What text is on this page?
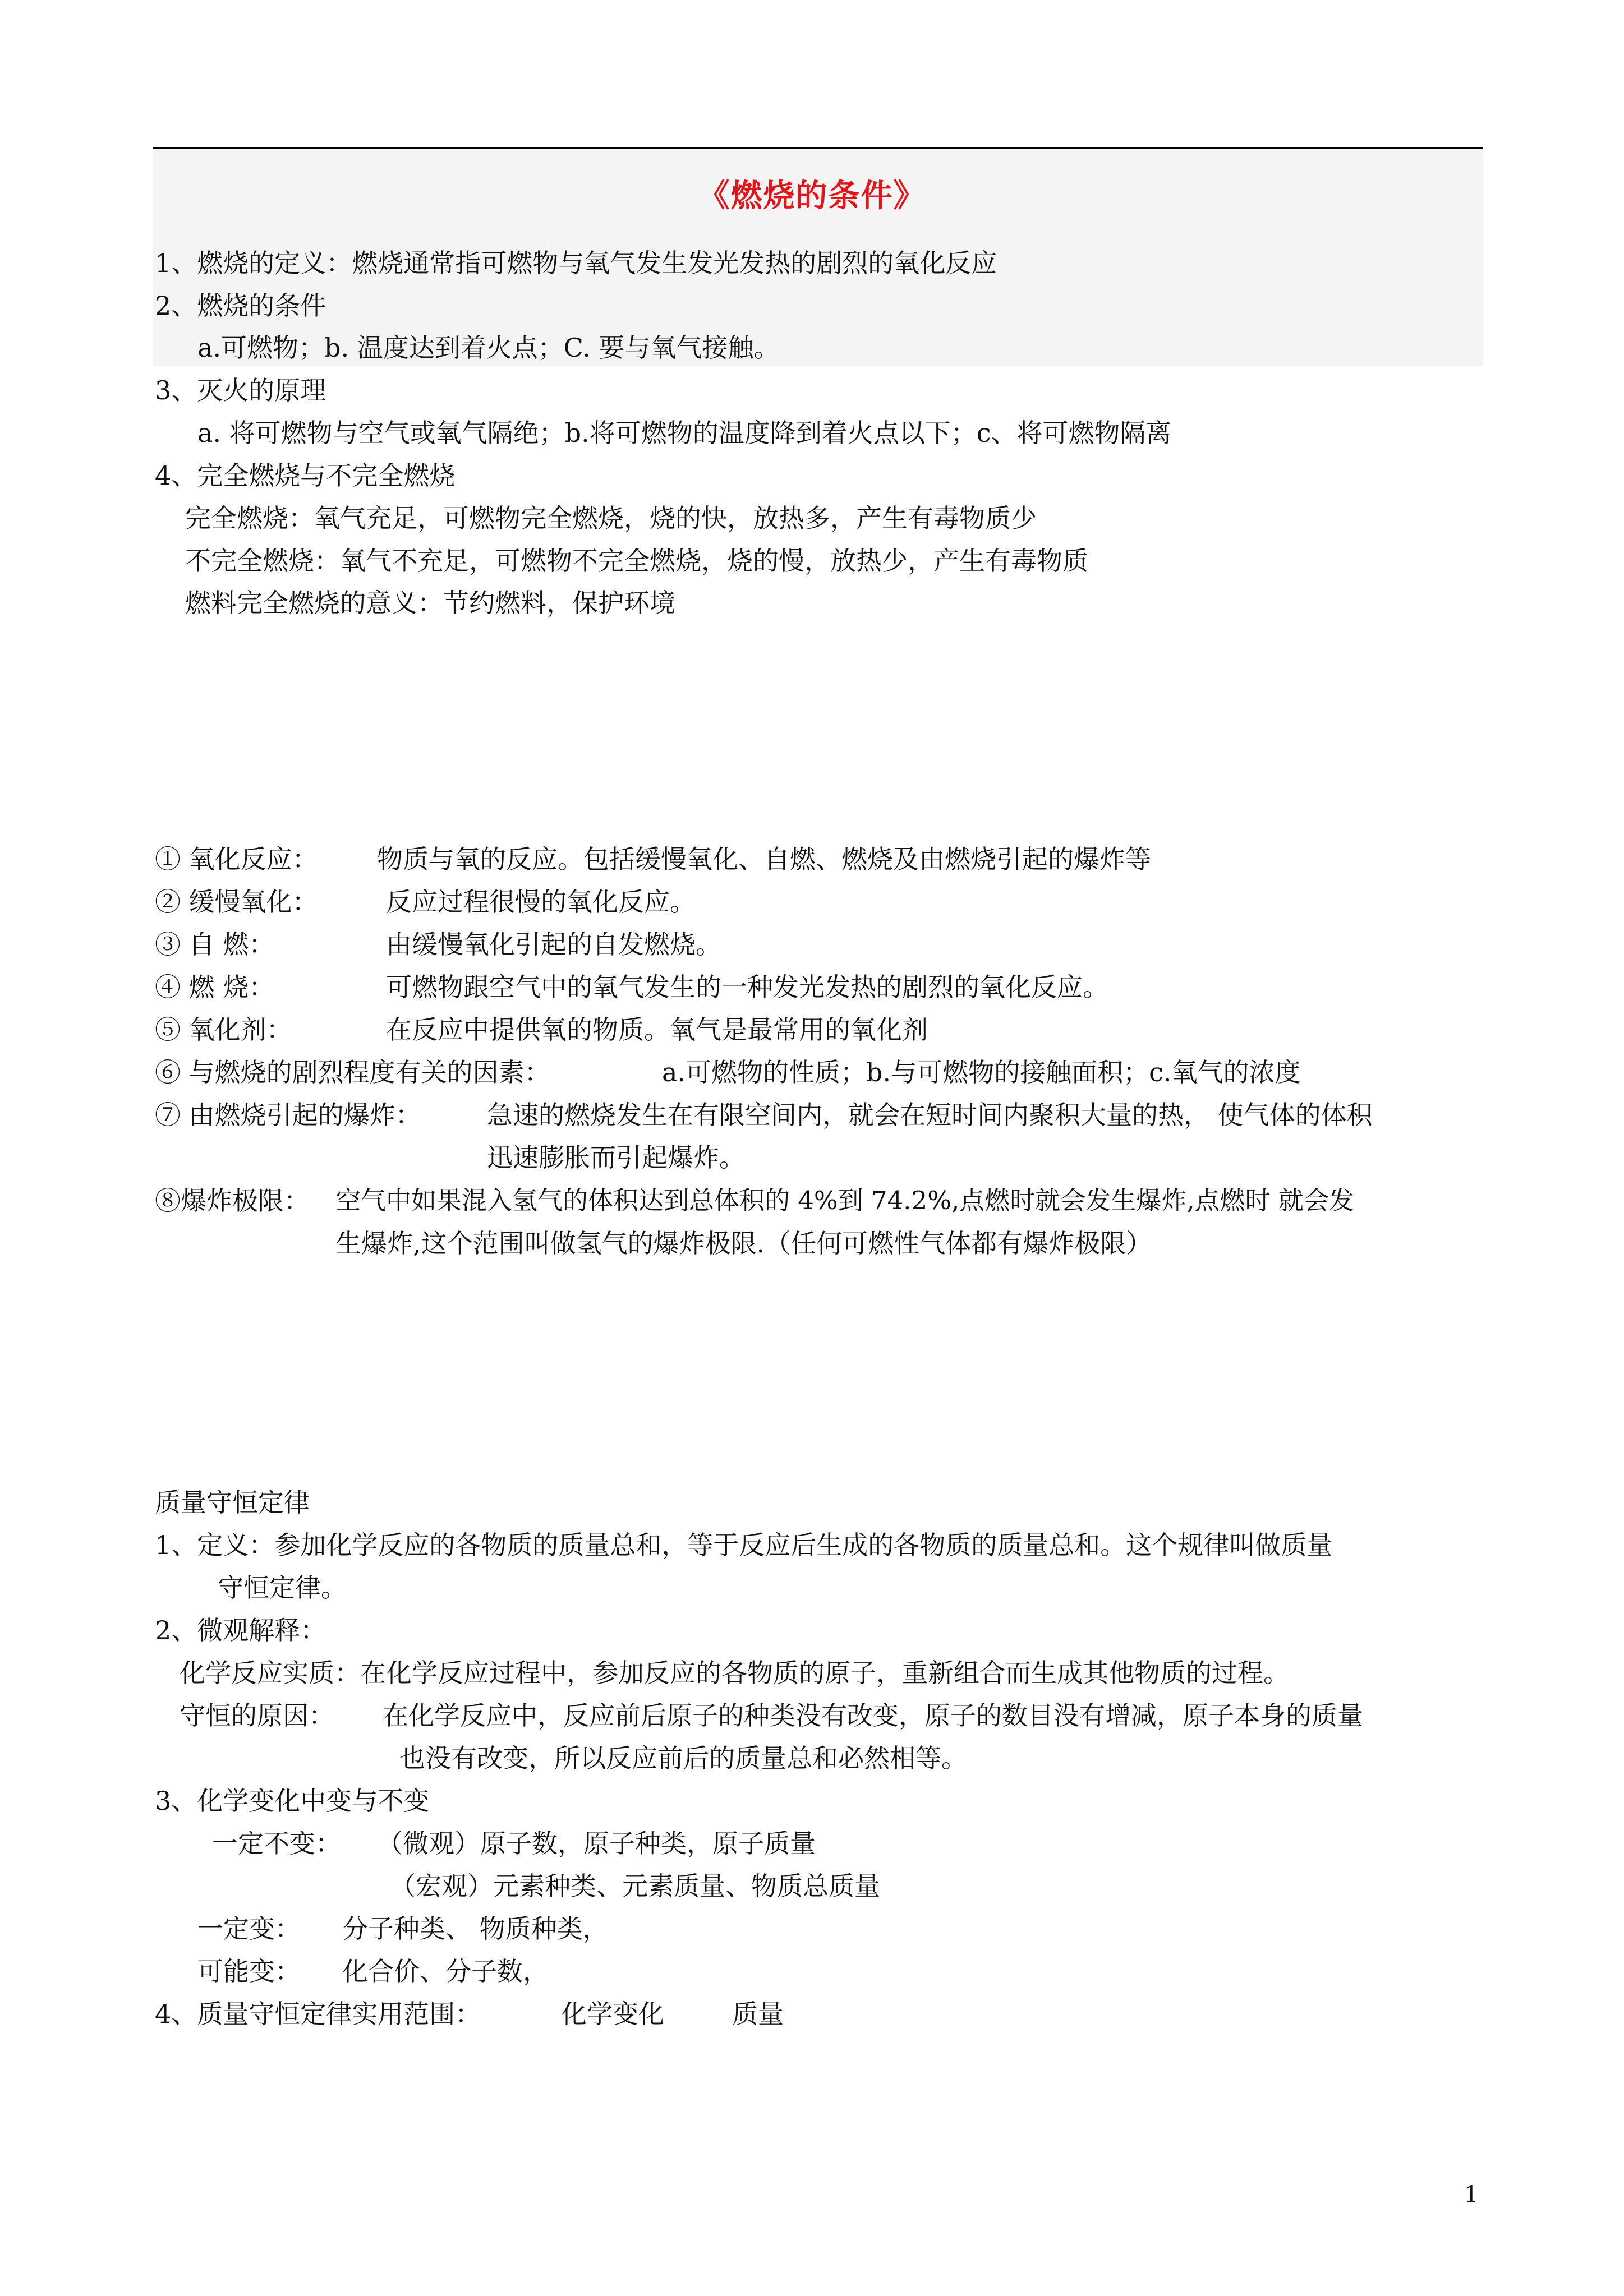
《燃烧的条件》
1、燃烧的定义：燃烧通常指可燃物与氧气发生发光发热的剧烈的氧化反应
2、燃烧的条件
a.可燃物；b. 温度达到着火点；C. 要与氧气接触。
3、灭火的原理
a. 将可燃物与空气或氧气隔绝；b.将可燃物的温度降到着火点以下；c、将可燃物隔离
4、完全燃烧与不完全燃烧
完全燃烧：氧气充足，可燃物完全燃烧，烧的快，放热多，产生有毒物质少
不完全燃烧：氧气不充足，可燃物不完全燃烧，烧的慢，放热少，产生有毒物质
燃料完全燃烧的意义：节约燃料，保护环境
① 氧化反应： 物质与氧的反应。包括缓慢氧化、自燃、燃烧及由燃烧引起的爆炸等
② 缓慢氧化：	反应过程很慢的氧化反应。
③ 自 燃：	由缓慢氧化引起的自发燃烧。
④ 燃 烧：	可燃物跟空气中的氧气发生的一种发光发热的剧烈的氧化反应。
⑤ 氧化剂：	在反应中提供氧的物质。氧气是最常用的氧化剂
⑥ 与燃烧的剧烈程度有关的因素：	a.可燃物的性质；b.与可燃物的接触面积；c.氧气的浓度
⑦ 由燃烧引起的爆炸：	急速的燃烧发生在有限空间内，就会在短时间内聚积大量的热， 使气体的体积
迅速膨胀而引起爆炸。
⑧爆炸极限： 空气中如果混入氢气的体积达到总体积的 4%到 74.2%,点燃时就会发生爆炸,点燃时 就会发
生爆炸,这个范围叫做氢气的爆炸极限.（任何可燃性气体都有爆炸极限）
质量守恒定律
1、定义：参加化学反应的各物质的质量总和，等于反应后生成的各物质的质量总和。这个规律叫做质量
守恒定律。
2、微观解释：
化学反应实质：在化学反应过程中，参加反应的各物质的原子，重新组合而生成其他物质的过程。
守恒的原因： 在化学反应中，反应前后原子的种类没有改变，原子的数目没有增减，原子本身的质量
也没有改变，所以反应前后的质量总和必然相等。
3、化学变化中变与不变
一定不变： （微观）原子数，原子种类，原子质量
（宏观）元素种类、元素质量、物质总质量
一定变： 分子种类、 物质种类，
可能变： 化合价、分子数，
4、质量守恒定律实用范围：	化学变化	质量
1
